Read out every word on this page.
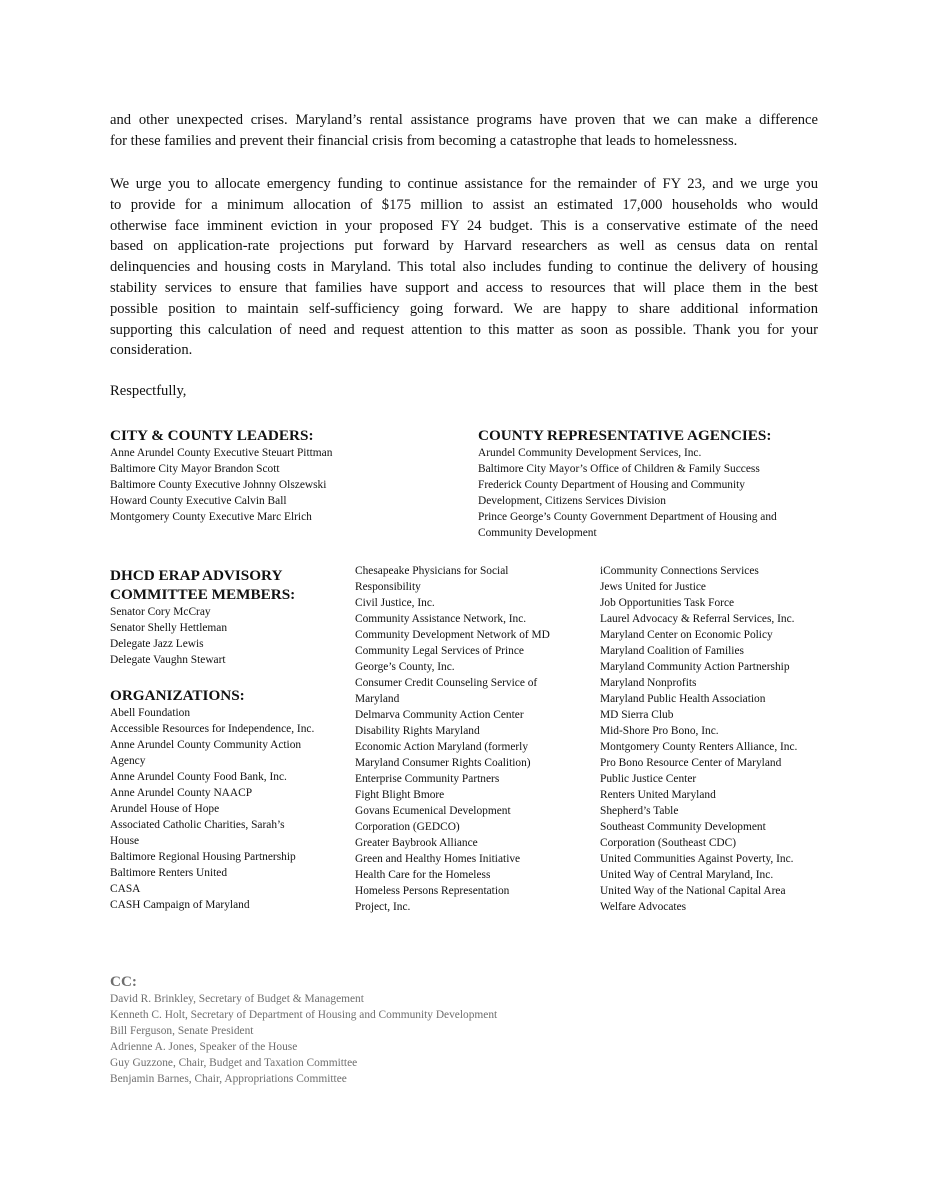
and other unexpected crises. Maryland’s rental assistance programs have proven that we can make a difference
for these families and prevent their financial crisis from becoming a catastrophe that leads to homelessness.
We urge you to allocate emergency funding to continue assistance for the remainder of FY 23, and we urge you
to provide for a minimum allocation of $175 million to assist an estimated 17,000 households who would
otherwise face imminent eviction in your proposed FY 24 budget. This is a conservative estimate of the need
based on application-rate projections put forward by Harvard researchers as well as census data on rental
delinquencies and housing costs in Maryland. This total also includes funding to continue the delivery of housing
stability services to ensure that families have support and access to resources that will place them in the best
possible position to maintain self-sufficiency going forward. We are happy to share additional information
supporting this calculation of need and request attention to this matter as soon as possible. Thank you for your
consideration.

Respectfully,

CITY & COUNTY LEADERS:
Anne Arundel County Executive Steuart Pittman
Baltimore City Mayor Brandon Scott
Baltimore County Executive Johnny Olszewski
Howard County Executive Calvin Ball
Montgomery County Executive Marc Elrich
COUNTY REPRESENTATIVE AGENCIES:
Arundel Community Development Services, Inc.
Baltimore City Mayor’s Office of Children & Family Success
Frederick County Department of Housing and Community
Development, Citizens Services Division
Prince George’s County Government Department of Housing and
Community Development
DHCD ERAP ADVISORY
COMMITTEE MEMBERS:
Senator Cory McCray
Senator Shelly Hettleman
Delegate Jazz Lewis
Delegate Vaughn Stewart
ORGANIZATIONS:
Abell Foundation
Accessible Resources for Independence, Inc.
Anne Arundel County Community Action
Agency
Anne Arundel County Food Bank, Inc.
Anne Arundel County NAACP
Arundel House of Hope
Associated Catholic Charities, Sarah’s
House
Baltimore Regional Housing Partnership
Baltimore Renters United
CASA
CASH Campaign of Maryland
Chesapeake Physicians for Social
Responsibility
Civil Justice, Inc.
Community Assistance Network, Inc.
Community Development Network of MD
Community Legal Services of Prince
George’s County, Inc.
Consumer Credit Counseling Service of
Maryland
Delmarva Community Action Center
Disability Rights Maryland
Economic Action Maryland (formerly
Maryland Consumer Rights Coalition)
Enterprise Community Partners
Fight Blight Bmore
Govans Ecumenical Development
Corporation (GEDCO)
Greater Baybrook Alliance
Green and Healthy Homes Initiative
Health Care for the Homeless
Homeless Persons Representation
Project, Inc.
iCommunity Connections Services
Jews United for Justice
Job Opportunities Task Force
Laurel Advocacy & Referral Services, Inc.
Maryland Center on Economic Policy
Maryland Coalition of Families
Maryland Community Action Partnership
Maryland Nonprofits
Maryland Public Health Association
MD Sierra Club
Mid-Shore Pro Bono, Inc.
Montgomery County Renters Alliance, Inc.
Pro Bono Resource Center of Maryland
Public Justice Center
Renters United Maryland
Shepherd’s Table
Southeast Community Development
Corporation (Southeast CDC)
United Communities Against Poverty, Inc.
United Way of Central Maryland, Inc.
United Way of the National Capital Area
Welfare Advocates
CC:
David R. Brinkley, Secretary of Budget & Management
Kenneth C. Holt, Secretary of Department of Housing and Community Development
Bill Ferguson, Senate President
Adrienne A. Jones, Speaker of the House
Guy Guzzone, Chair, Budget and Taxation Committee
Benjamin Barnes, Chair, Appropriations Committee
